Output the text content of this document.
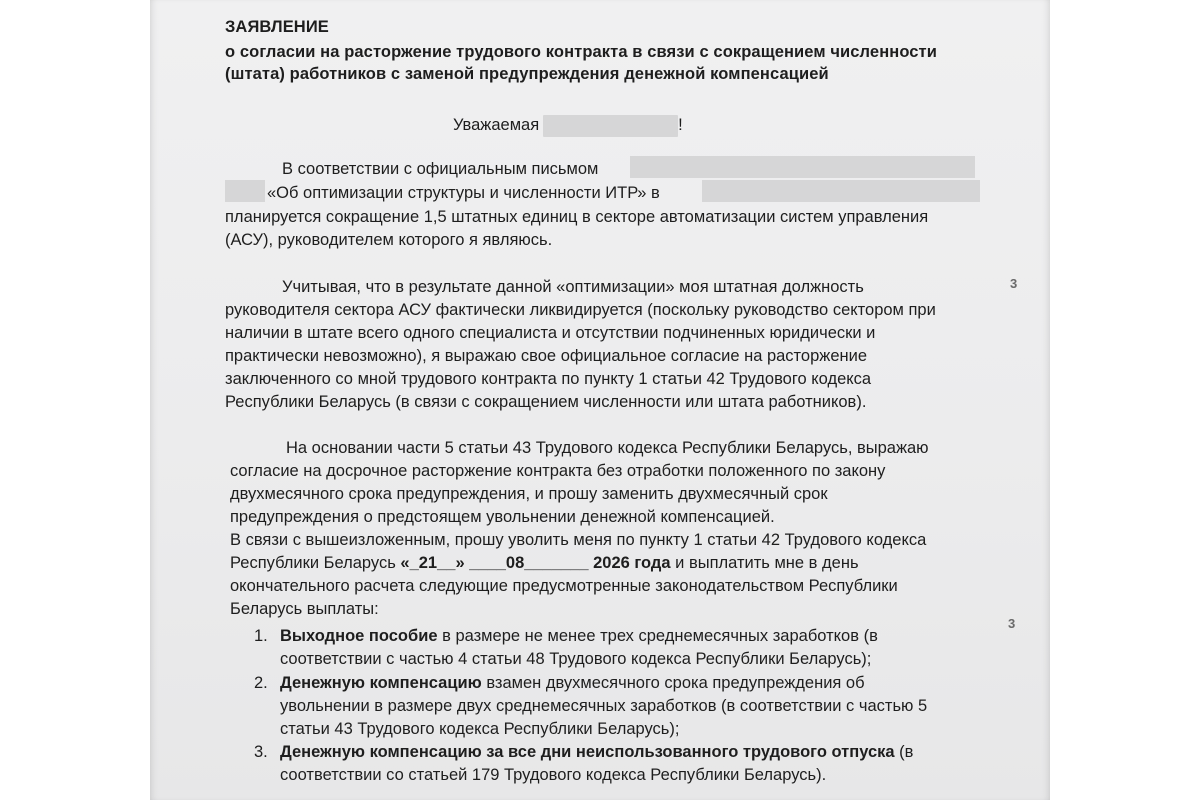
ЗАЯВЛЕНИЕ
о согласии на расторжение трудового контракта в связи с сокращением численности
(штата) работников с заменой предупреждения денежной компенсацией
Уважаемая	!
В соответствии с официальным письмом
«Об оптимизации структуры и численности ИТР» в
планируется сокращение 1,5 штатных единиц в секторе автоматизации систем управления
(АСУ), руководителем которого я являюсь.
Учитывая, что в результате данной «оптимизации» моя штатная должность
руководителя сектора АСУ фактически ликвидируется (поскольку руководство сектором при
наличии в штате всего одного специалиста и отсутствии подчиненных юридически и
практически невозможно), я выражаю свое официальное согласие на расторжение
заключенного со мной трудового контракта по пункту 1 статьи 42 Трудового кодекса
Республики Беларусь (в связи с сокращением численности или штата работников).
На основании части 5 статьи 43 Трудового кодекса Республики Беларусь, выражаю
согласие на досрочное расторжение контракта без отработки положенного по закону
двухмесячного срока предупреждения, и прошу заменить двухмесячный срок
предупреждения о предстоящем увольнении денежной компенсацией.
В связи с вышеизложенным, прошу уволить меня по пункту 1 статьи 42 Трудового кодекса
Республики Беларусь «_21__» ____08_______ 2026 года и выплатить мне в день
окончательного расчета следующие предусмотренные законодательством Республики
Беларусь выплаты:
1. Выходное пособие в размере не менее трех среднемесячных заработков (в
соответствии с частью 4 статьи 48 Трудового кодекса Республики Беларусь);
2. Денежную компенсацию взамен двухмесячного срока предупреждения об
увольнении в размере двух среднемесячных заработков (в соответствии с частью 5
статьи 43 Трудового кодекса Республики Беларусь);
3. Денежную компенсацию за все дни неиспользованного трудового отпуска (в
соответствии со статьей 179 Трудового кодекса Республики Беларусь).
3
3
